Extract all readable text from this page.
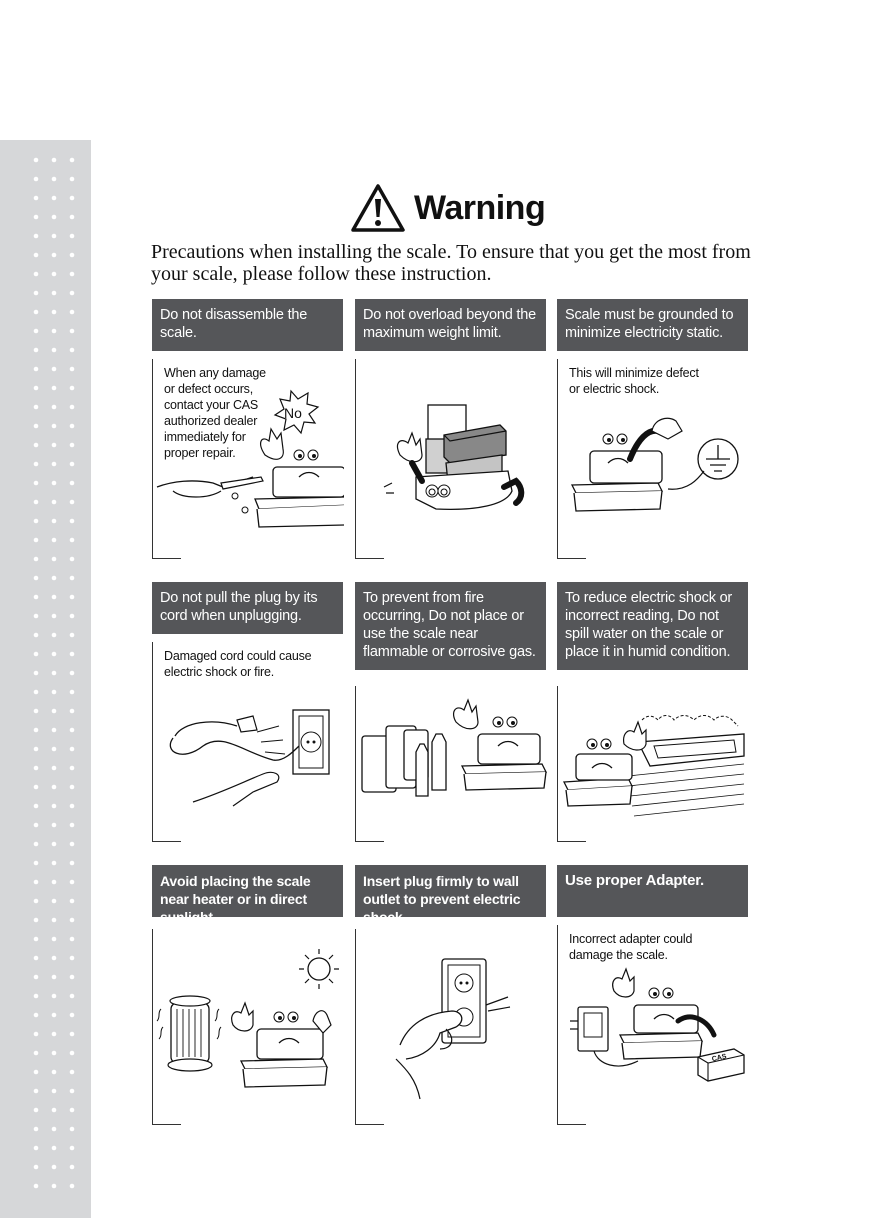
Warning

Precautions when installing the scale. To ensure that you get the most from your scale, please follow these instruction.

Do not disassemble the scale.
When any damage or defect occurs, contact your CAS authorized dealer immediately for proper repair.
No
Do not overload beyond the maximum weight limit.
Scale must be grounded to minimize electricity static.
This will minimize defect or electric shock.
Do not pull the plug by its cord when unplugging.
Damaged cord could cause electric shock or fire.
To prevent from fire occurring, Do not place or use the scale near flammable or corrosive gas.
To reduce electric shock or incorrect reading, Do not spill water on the scale or place it in humid condition.
Avoid placing the scale near heater or in direct sunlight.
Insert plug firmly to wall outlet to prevent electric shock.
Use proper Adapter.
Incorrect adapter could damage the scale.
CAS
